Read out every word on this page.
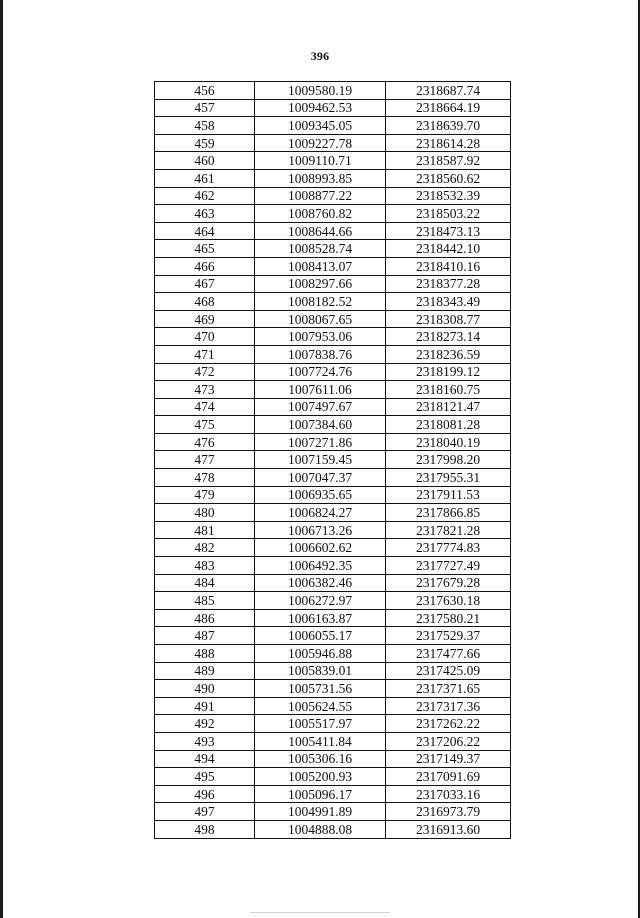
396
456	1009580.19	2318687.74
457	1009462.53	2318664.19
458	1009345.05	2318639.70
459	1009227.78	2318614.28
460	1009110.71	2318587.92
461	1008993.85	2318560.62
462	1008877.22	2318532.39
463	1008760.82	2318503.22
464	1008644.66	2318473.13
465	1008528.74	2318442.10
466	1008413.07	2318410.16
467	1008297.66	2318377.28
468	1008182.52	2318343.49
469	1008067.65	2318308.77
470	1007953.06	2318273.14
471	1007838.76	2318236.59
472	1007724.76	2318199.12
473	1007611.06	2318160.75
474	1007497.67	2318121.47
475	1007384.60	2318081.28
476	1007271.86	2318040.19
477	1007159.45	2317998.20
478	1007047.37	2317955.31
479	1006935.65	2317911.53
480	1006824.27	2317866.85
481	1006713.26	2317821.28
482	1006602.62	2317774.83
483	1006492.35	2317727.49
484	1006382.46	2317679.28
485	1006272.97	2317630.18
486	1006163.87	2317580.21
487	1006055.17	2317529.37
488	1005946.88	2317477.66
489	1005839.01	2317425.09
490	1005731.56	2317371.65
491	1005624.55	2317317.36
492	1005517.97	2317262.22
493	1005411.84	2317206.22
494	1005306.16	2317149.37
495	1005200.93	2317091.69
496	1005096.17	2317033.16
497	1004991.89	2316973.79
498	1004888.08	2316913.60
